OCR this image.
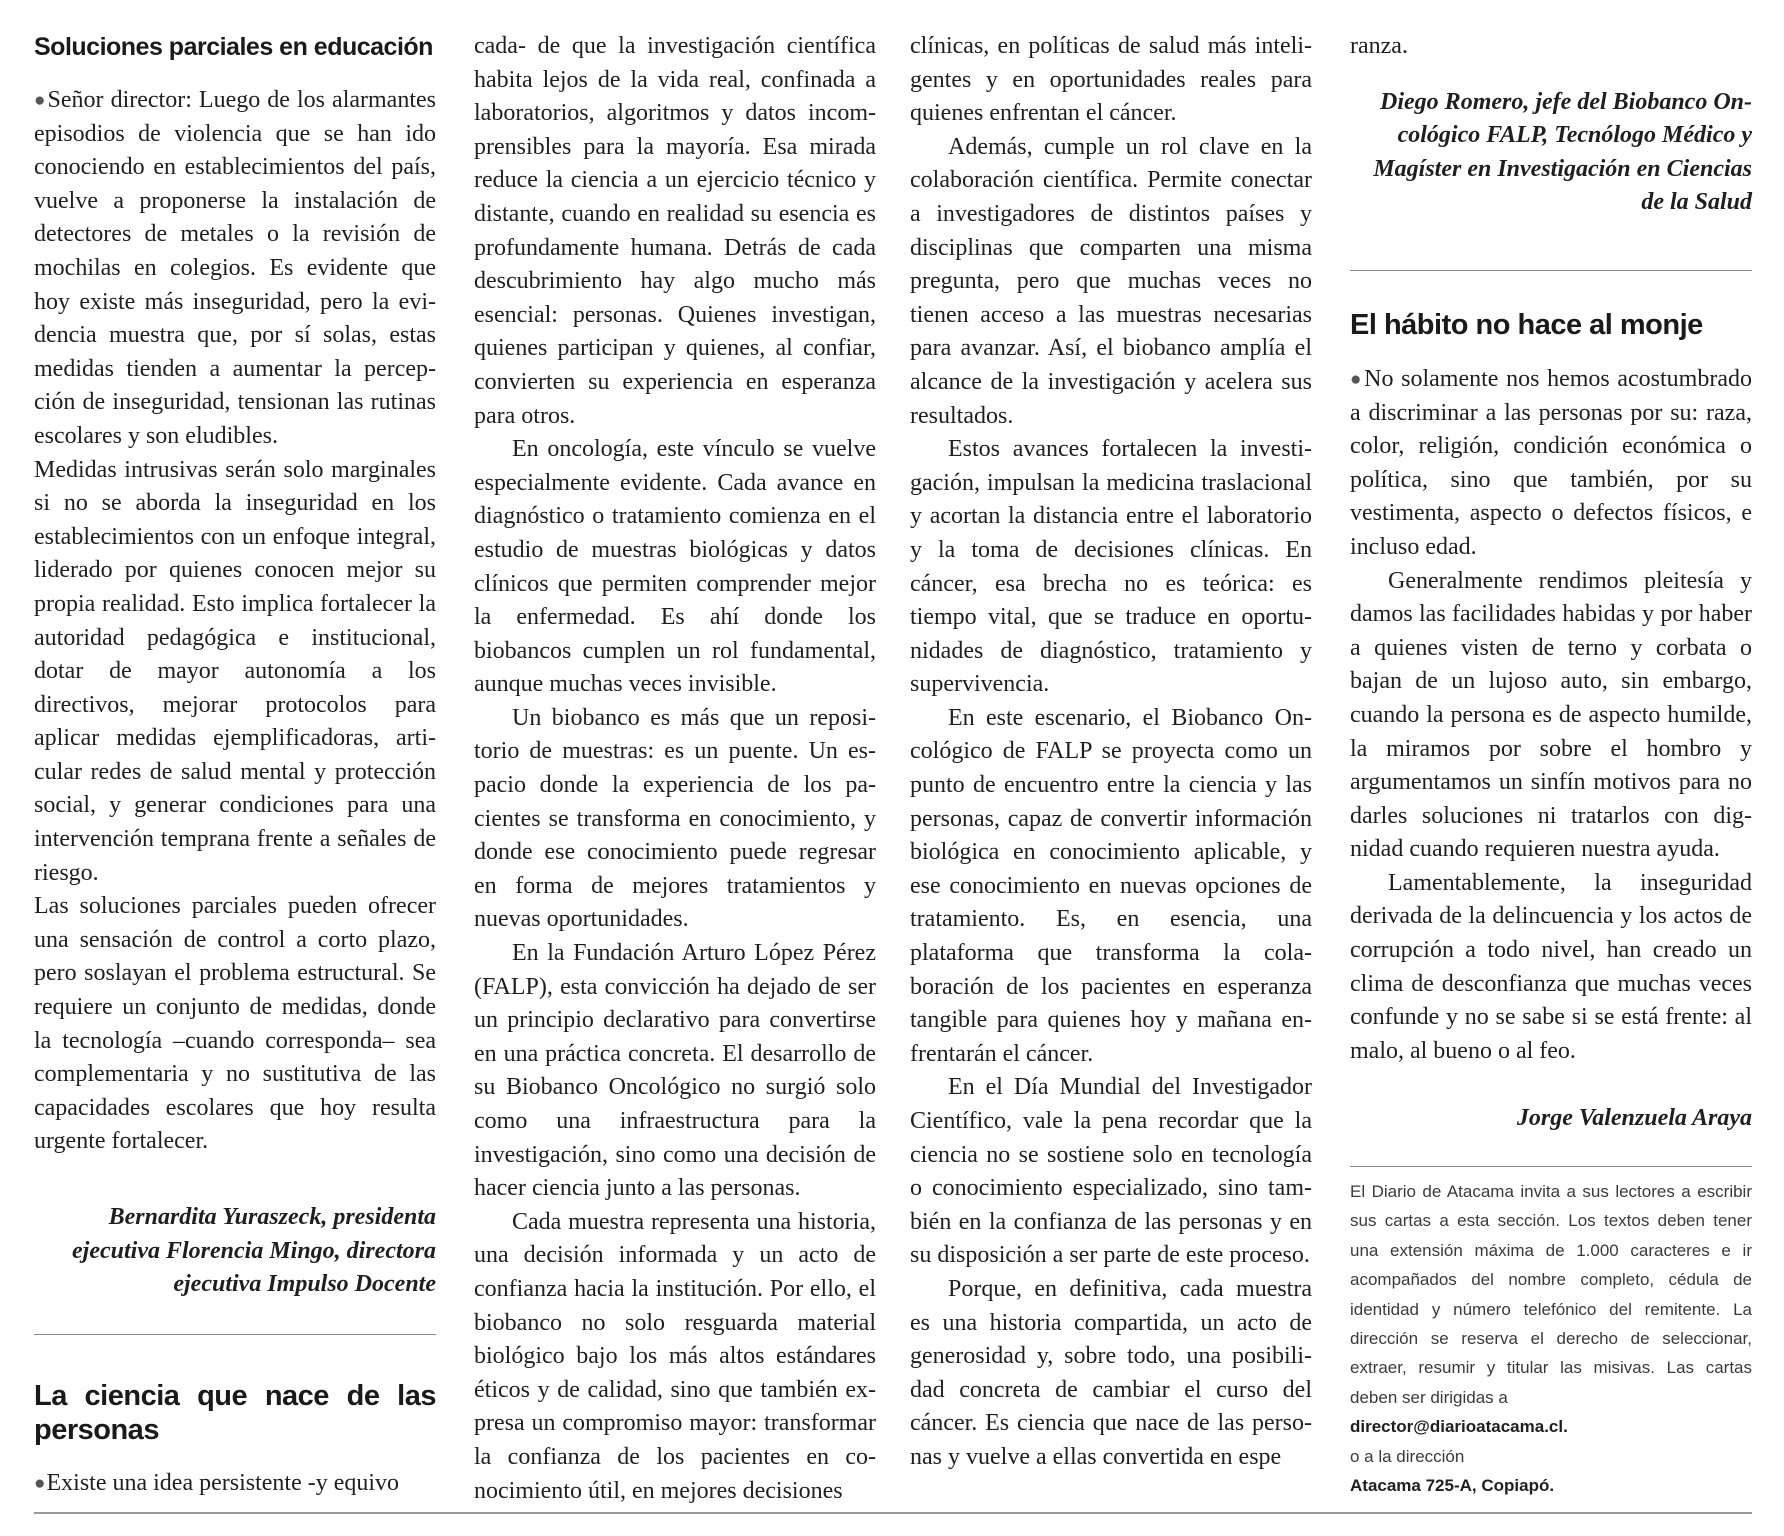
Soluciones parciales en educación

●Señor director: Luego de los alarmantes episodios de violencia que se han ido conociendo en establecimientos del país, vuelve a proponerse la instalación de detectores de metales o la revisión de mochilas en colegios. Es evidente que hoy existe más inseguridad, pero la evidencia muestra que, por sí solas, estas medidas tienden a aumentar la percepción de inseguridad, tensionan las rutinas escolares y son eludibles.

Medidas intrusivas serán solo marginales si no se aborda la inseguridad en los establecimientos con un enfoque integral, liderado por quienes conocen mejor su propia realidad. Esto implica fortalecer la autoridad pedagógica e institucional, dotar de mayor autonomía a los directivos, mejorar protocolos para aplicar medidas ejemplificadoras, articular redes de salud mental y protección social, y generar condiciones para una intervención temprana frente a señales de riesgo.

Las soluciones parciales pueden ofrecer una sensación de control a corto plazo, pero soslayan el problema estructural. Se requiere un conjunto de medidas, donde la tecnología –cuando corresponda– sea complementaria y no sustitutiva de las capacidades escolares que hoy resulta urgente fortalecer.

Bernardita Yuraszeck, presidenta ejecutiva Florencia Mingo, directora ejecutiva Impulso Docente

La ciencia que nace de las personas

●Existe una idea persistente -y equivo

cada- de que la investigación científica habita lejos de la vida real, confinada a laboratorios, algoritmos y datos incomprensibles para la mayoría. Esa mirada reduce la ciencia a un ejercicio técnico y distante, cuando en realidad su esencia es profundamente humana. Detrás de cada descubrimiento hay algo mucho más esencial: personas. Quienes investigan, quienes participan y quienes, al confiar, convierten su experiencia en esperanza para otros.

En oncología, este vínculo se vuelve especialmente evidente. Cada avance en diagnóstico o tratamiento comienza en el estudio de muestras biológicas y datos clínicos que permiten comprender mejor la enfermedad. Es ahí donde los biobancos cumplen un rol fundamental, aunque muchas veces invisible.

Un biobanco es más que un repositorio de muestras: es un puente. Un espacio donde la experiencia de los pacientes se transforma en conocimiento, y donde ese conocimiento puede regresar en forma de mejores tratamientos y nuevas oportunidades.

En la Fundación Arturo López Pérez (FALP), esta convicción ha dejado de ser un principio declarativo para convertirse en una práctica concreta. El desarrollo de su Biobanco Oncológico no surgió solo como una infraestructura para la investigación, sino como una decisión de hacer ciencia junto a las personas.

Cada muestra representa una historia, una decisión informada y un acto de confianza hacia la institución. Por ello, el biobanco no solo resguarda material biológico bajo los más altos estándares éticos y de calidad, sino que también expresa un compromiso mayor: transformar la confianza de los pacientes en conocimiento útil, en mejores decisiones

clínicas, en políticas de salud más inteligentes y en oportunidades reales para quienes enfrentan el cáncer.

Además, cumple un rol clave en la colaboración científica. Permite conectar a investigadores de distintos países y disciplinas que comparten una misma pregunta, pero que muchas veces no tienen acceso a las muestras necesarias para avanzar. Así, el biobanco amplía el alcance de la investigación y acelera sus resultados.

Estos avances fortalecen la investigación, impulsan la medicina traslacional y acortan la distancia entre el laboratorio y la toma de decisiones clínicas. En cáncer, esa brecha no es teórica: es tiempo vital, que se traduce en oportunidades de diagnóstico, tratamiento y supervivencia.

En este escenario, el Biobanco Oncológico de FALP se proyecta como un punto de encuentro entre la ciencia y las personas, capaz de convertir información biológica en conocimiento aplicable, y ese conocimiento en nuevas opciones de tratamiento. Es, en esencia, una plataforma que transforma la colaboración de los pacientes en esperanza tangible para quienes hoy y mañana enfrentarán el cáncer.

En el Día Mundial del Investigador Científico, vale la pena recordar que la ciencia no se sostiene solo en tecnología o conocimiento especializado, sino también en la confianza de las personas y en su disposición a ser parte de este proceso.

Porque, en definitiva, cada muestra es una historia compartida, un acto de generosidad y, sobre todo, una posibilidad concreta de cambiar el curso del cáncer. Es ciencia que nace de las personas y vuelve a ellas convertida en espe

ranza.

Diego Romero, jefe del Biobanco Oncológico FALP, Tecnólogo Médico y Magíster en Investigación en Ciencias de la Salud

El hábito no hace al monje

●No solamente nos hemos acostumbrado a discriminar a las personas por su: raza, color, religión, condición económica o política, sino que también, por su vestimenta, aspecto o defectos físicos, e incluso edad.

Generalmente rendimos pleitesía y damos las facilidades habidas y por haber a quienes visten de terno y corbata o bajan de un lujoso auto, sin embargo, cuando la persona es de aspecto humilde, la miramos por sobre el hombro y argumentamos un sinfín motivos para no darles soluciones ni tratarlos con dignidad cuando requieren nuestra ayuda.

Lamentablemente, la inseguridad derivada de la delincuencia y los actos de corrupción a todo nivel, han creado un clima de desconfianza que muchas veces confunde y no se sabe si se está frente: al malo, al bueno o al feo.

Jorge Valenzuela Araya

El Diario de Atacama invita a sus lectores a escribir sus cartas a esta sección. Los textos deben tener una extensión máxima de 1.000 caracteres e ir acompañados del nombre completo, cédula de identidad y número telefónico del remitente. La dirección se reserva el derecho de seleccionar, extraer, resumir y titular las misivas. Las cartas deben ser dirigidas a
director@diarioatacama.cl.
o a la dirección
Atacama 725-A, Copiapó.
